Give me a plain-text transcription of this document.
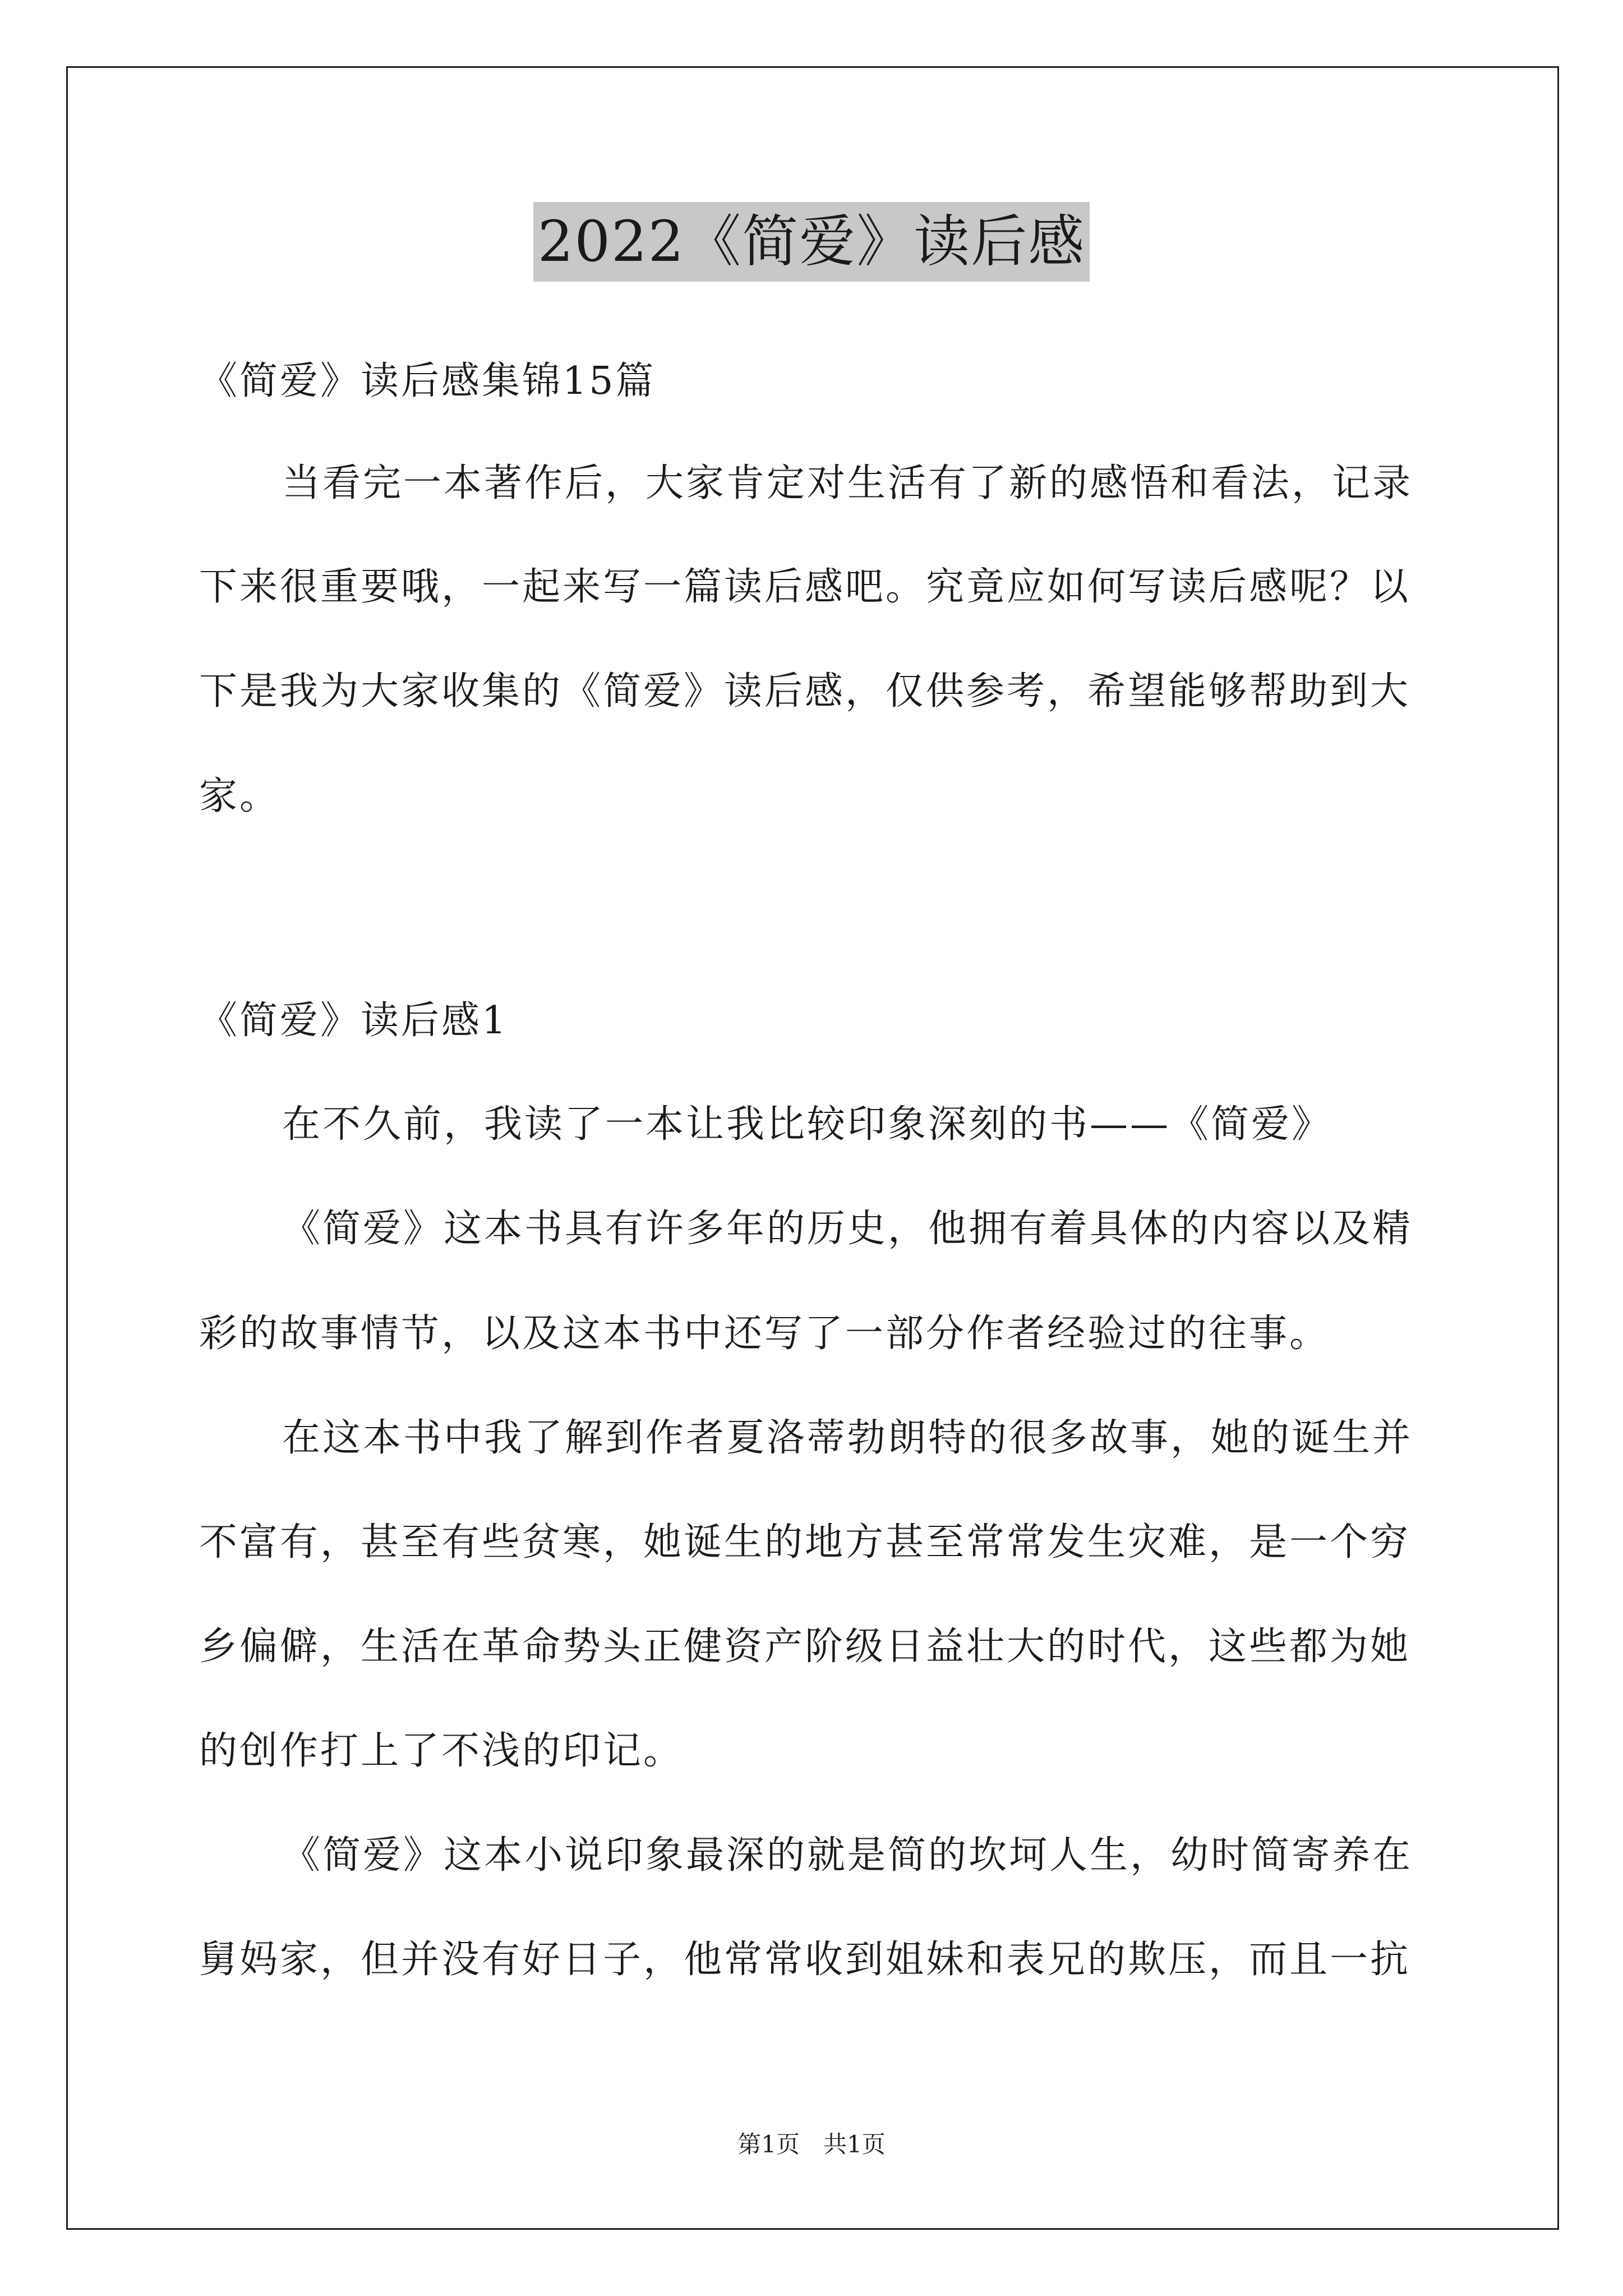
2022《简爱》读后感
《简爱》读后感集锦15篇
当看完一本著作后，大家肯定对生活有了新的感悟和看法，记录
下来很重要哦，一起来写一篇读后感吧。究竟应如何写读后感呢？以
下是我为大家收集的《简爱》读后感，仅供参考，希望能够帮助到大
家。
《简爱》读后感1
在不久前，我读了一本让我比较印象深刻的书——《简爱》
《简爱》这本书具有许多年的历史，他拥有着具体的内容以及精
彩的故事情节，以及这本书中还写了一部分作者经验过的往事。
在这本书中我了解到作者夏洛蒂勃朗特的很多故事，她的诞生并
不富有，甚至有些贫寒，她诞生的地方甚至常常发生灾难，是一个穷
乡偏僻，生活在革命势头正健资产阶级日益壮大的时代，这些都为她
的创作打上了不浅的印记。
《简爱》这本小说印象最深的就是简的坎坷人生，幼时简寄养在
舅妈家，但并没有好日子，他常常收到姐妹和表兄的欺压，而且一抗
第1页　共1页
